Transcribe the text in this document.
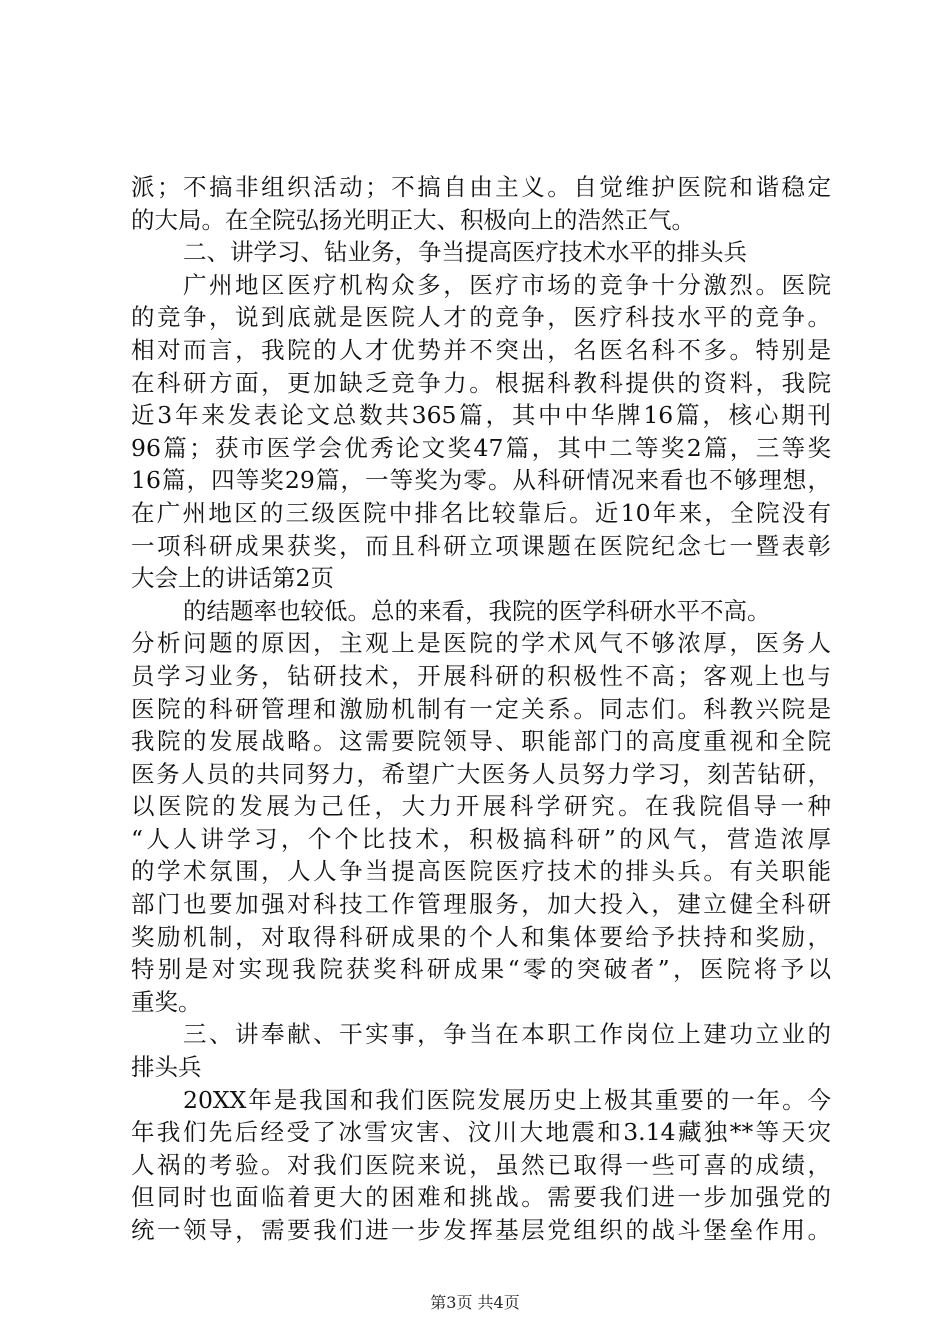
派；不搞非组织活动；不搞自由主义。自觉维护医院和谐稳定
的大局。在全院弘扬光明正大、积极向上的浩然正气。
二、讲学习、钻业务，争当提高医疗技术水平的排头兵
广州地区医疗机构众多，医疗市场的竞争十分激烈。医院
的竞争，说到底就是医院人才的竞争，医疗科技水平的竞争。
相对而言，我院的人才优势并不突出，名医名科不多。特别是
在科研方面，更加缺乏竞争力。根据科教科提供的资料，我院
近3年来发表论文总数共365篇，其中中华牌16篇，核心期刊
96篇；获市医学会优秀论文奖47篇，其中二等奖2篇，三等奖
16篇，四等奖29篇，一等奖为零。从科研情况来看也不够理想，
在广州地区的三级医院中排名比较靠后。近10年来，全院没有
一项科研成果获奖，而且科研立项课题在医院纪念七一暨表彰
大会上的讲话第2页
的结题率也较低。总的来看，我院的医学科研水平不高。
分析问题的原因，主观上是医院的学术风气不够浓厚，医务人
员学习业务，钻研技术，开展科研的积极性不高；客观上也与
医院的科研管理和激励机制有一定关系。同志们。科教兴院是
我院的发展战略。这需要院领导、职能部门的高度重视和全院
医务人员的共同努力，希望广大医务人员努力学习，刻苦钻研，
以医院的发展为己任，大力开展科学研究。在我院倡导一种
“人人讲学习，个个比技术，积极搞科研”的风气，营造浓厚
的学术氛围，人人争当提高医院医疗技术的排头兵。有关职能
部门也要加强对科技工作管理服务，加大投入，建立健全科研
奖励机制，对取得科研成果的个人和集体要给予扶持和奖励，
特别是对实现我院获奖科研成果“零的突破者”，医院将予以
重奖。
三、讲奉献、干实事，争当在本职工作岗位上建功立业的
排头兵
20XX年是我国和我们医院发展历史上极其重要的一年。今
年我们先后经受了冰雪灾害、汶川大地震和3.14藏独**等天灾
人祸的考验。对我们医院来说，虽然已取得一些可喜的成绩，
但同时也面临着更大的困难和挑战。需要我们进一步加强党的
统一领导，需要我们进一步发挥基层党组织的战斗堡垒作用。
第3页 共4页
